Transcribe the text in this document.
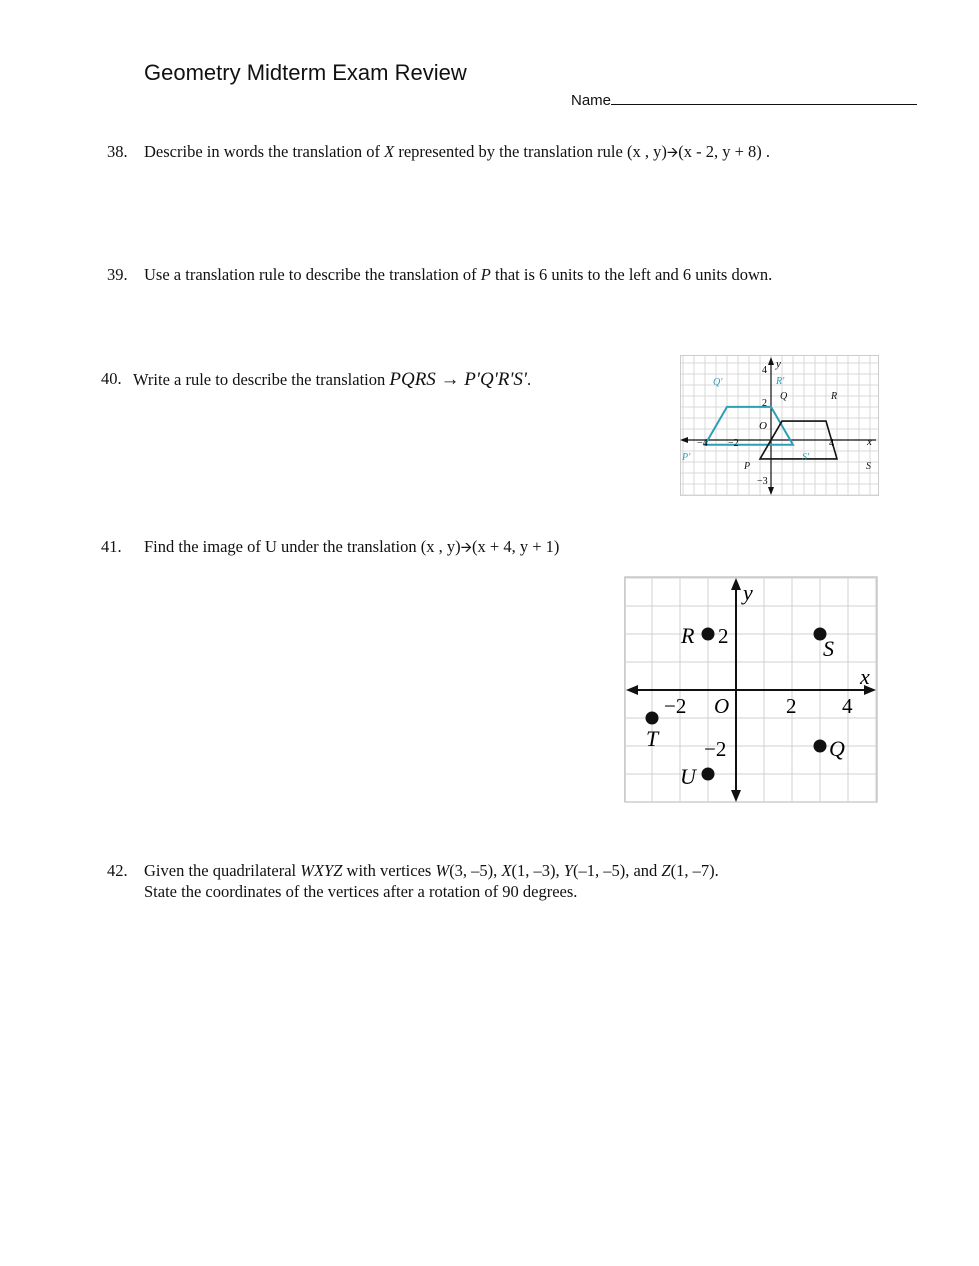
Geometry Midterm Exam Review
Name
38. Describe in words the translation of X represented by the translation rule (x , y)🡪(x - 2, y + 8) .
39. Use a translation rule to describe the translation of P that is 6 units to the left and 6 units down.
40. Write a rule to describe the translation PQRS → P'Q'R'S'.
x
y
−4 −2	4
4
2
−3
O
P
Q	R
S
P'
Q'	R'
S'
41. Find the image of U under the translation (x , y)🡪(x + 4, y + 1)
x
y
−2	2 4
2
−2
O
R
S
T	Q
U
42. Given the quadrilateral WXYZ with vertices W(3, –5), X(1, –3), Y(–1, –5), and Z(1, –7).
State the coordinates of the vertices after a rotation of 90 degrees.
